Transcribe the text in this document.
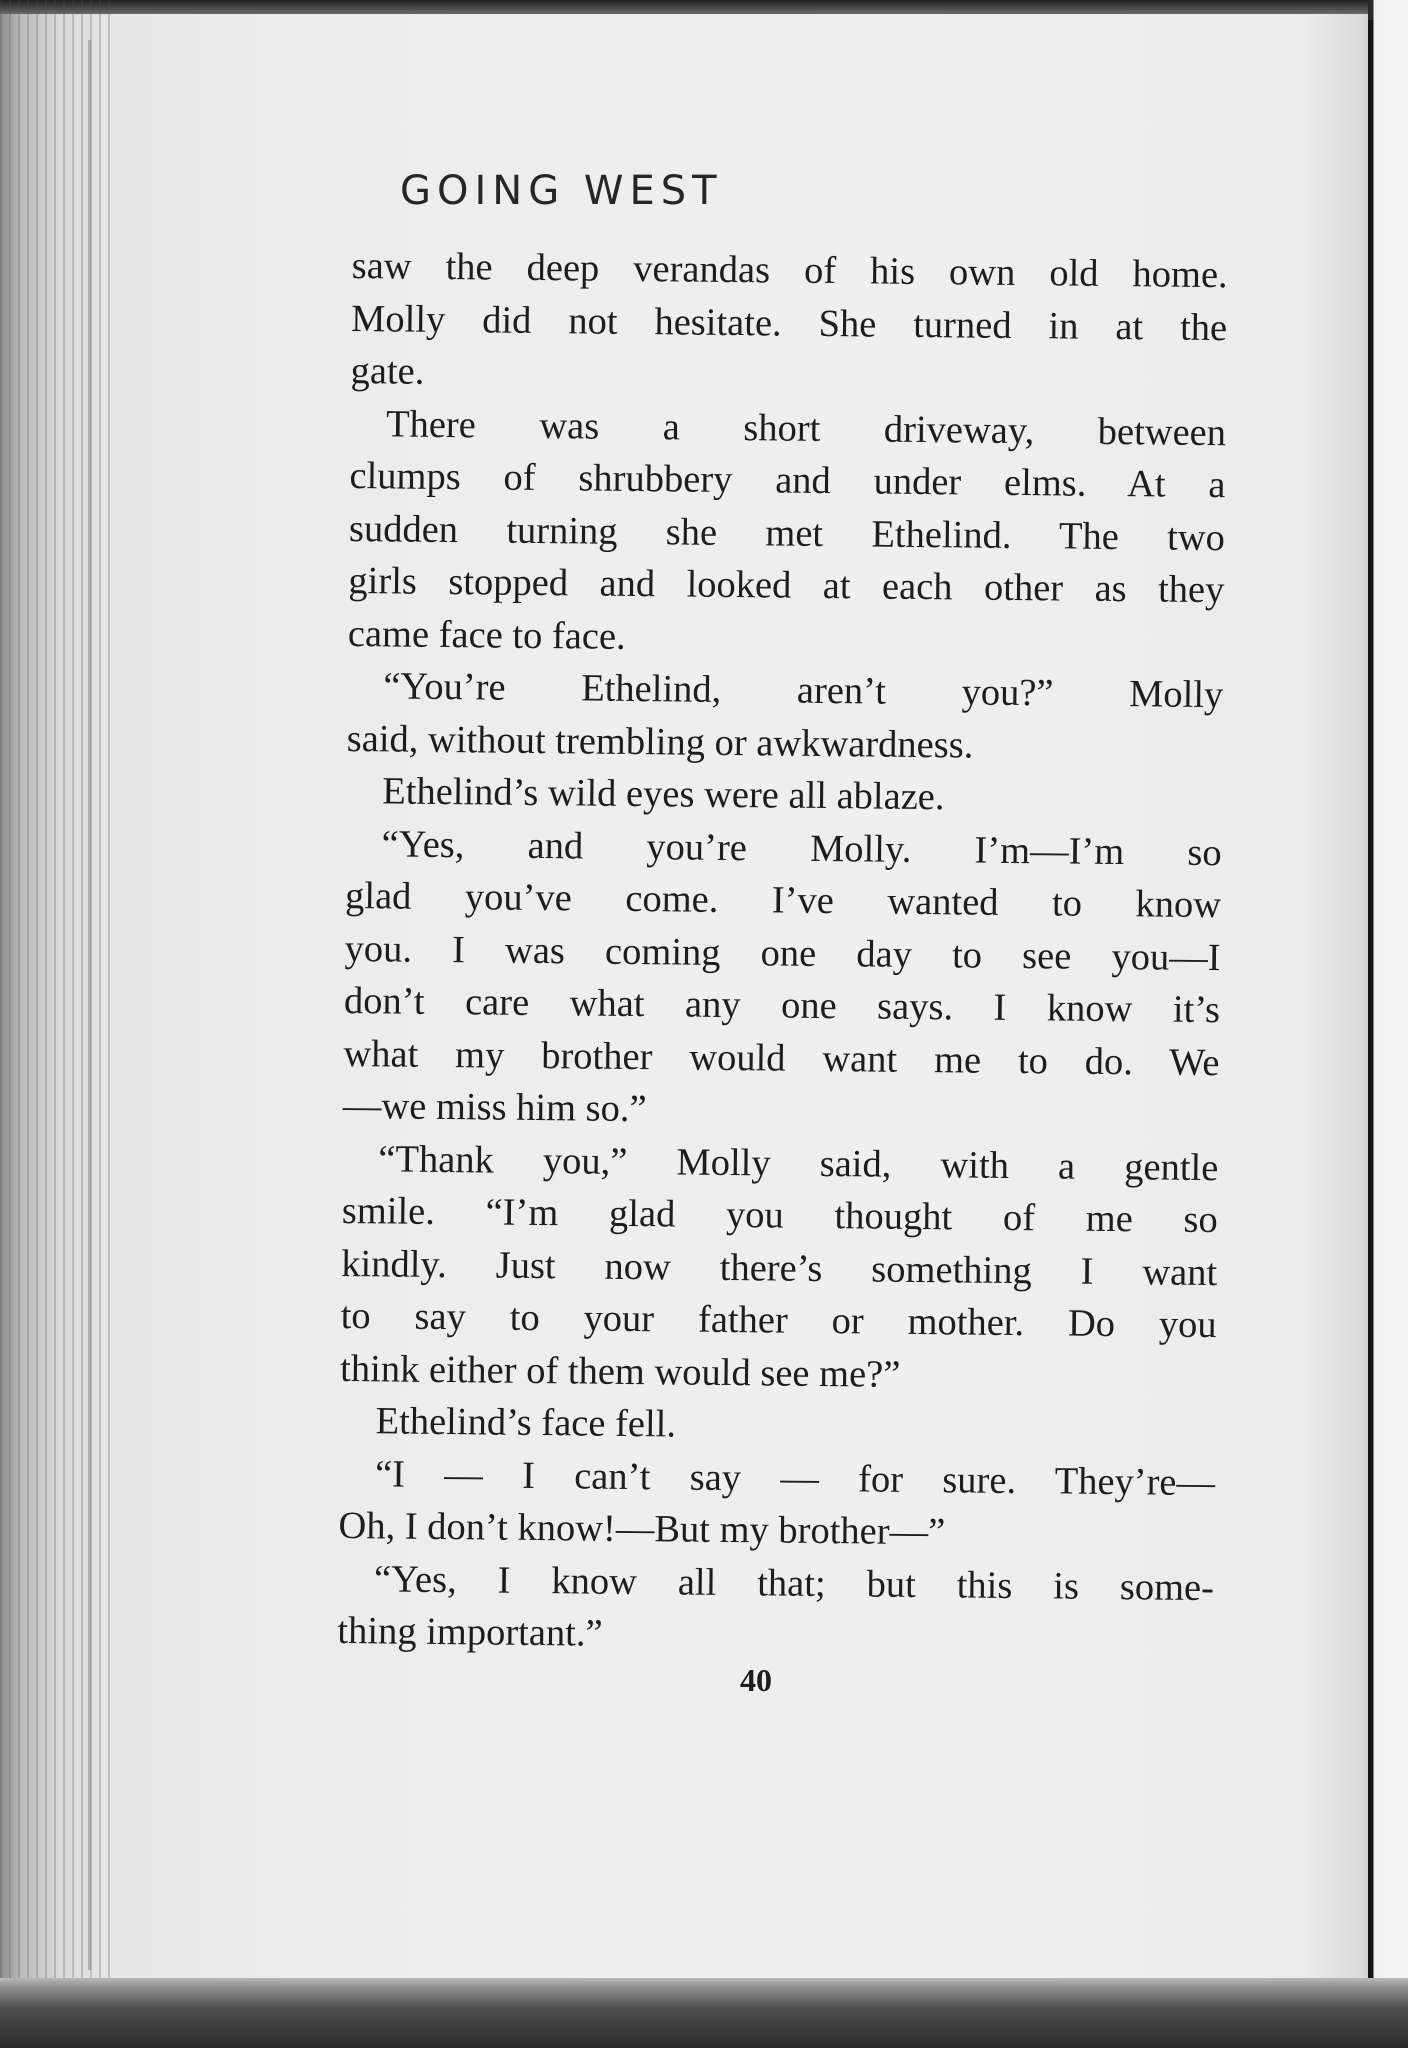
GOING WEST
saw the deep verandas of his own old home.
Molly did not hesitate. She turned in at the
gate.
There was a short driveway, between
clumps of shrubbery and under elms. At a
sudden turning she met Ethelind. The two
girls stopped and looked at each other as they
came face to face.
“You’re Ethelind, aren’t you?” Molly
said, without trembling or awkwardness.
Ethelind’s wild eyes were all ablaze.
“Yes, and you’re Molly. I’m—I’m so
glad you’ve come. I’ve wanted to know
you. I was coming one day to see you—I
don’t care what any one says. I know it’s
what my brother would want me to do. We
—we miss him so.”
“Thank you,” Molly said, with a gentle
smile. “I’m glad you thought of me so
kindly. Just now there’s something I want
to say to your father or mother. Do you
think either of them would see me?”
Ethelind’s face fell.
“I — I can’t say — for sure. They’re—
Oh, I don’t know!—But my brother—”
“Yes, I know all that; but this is some-
thing important.”
40
